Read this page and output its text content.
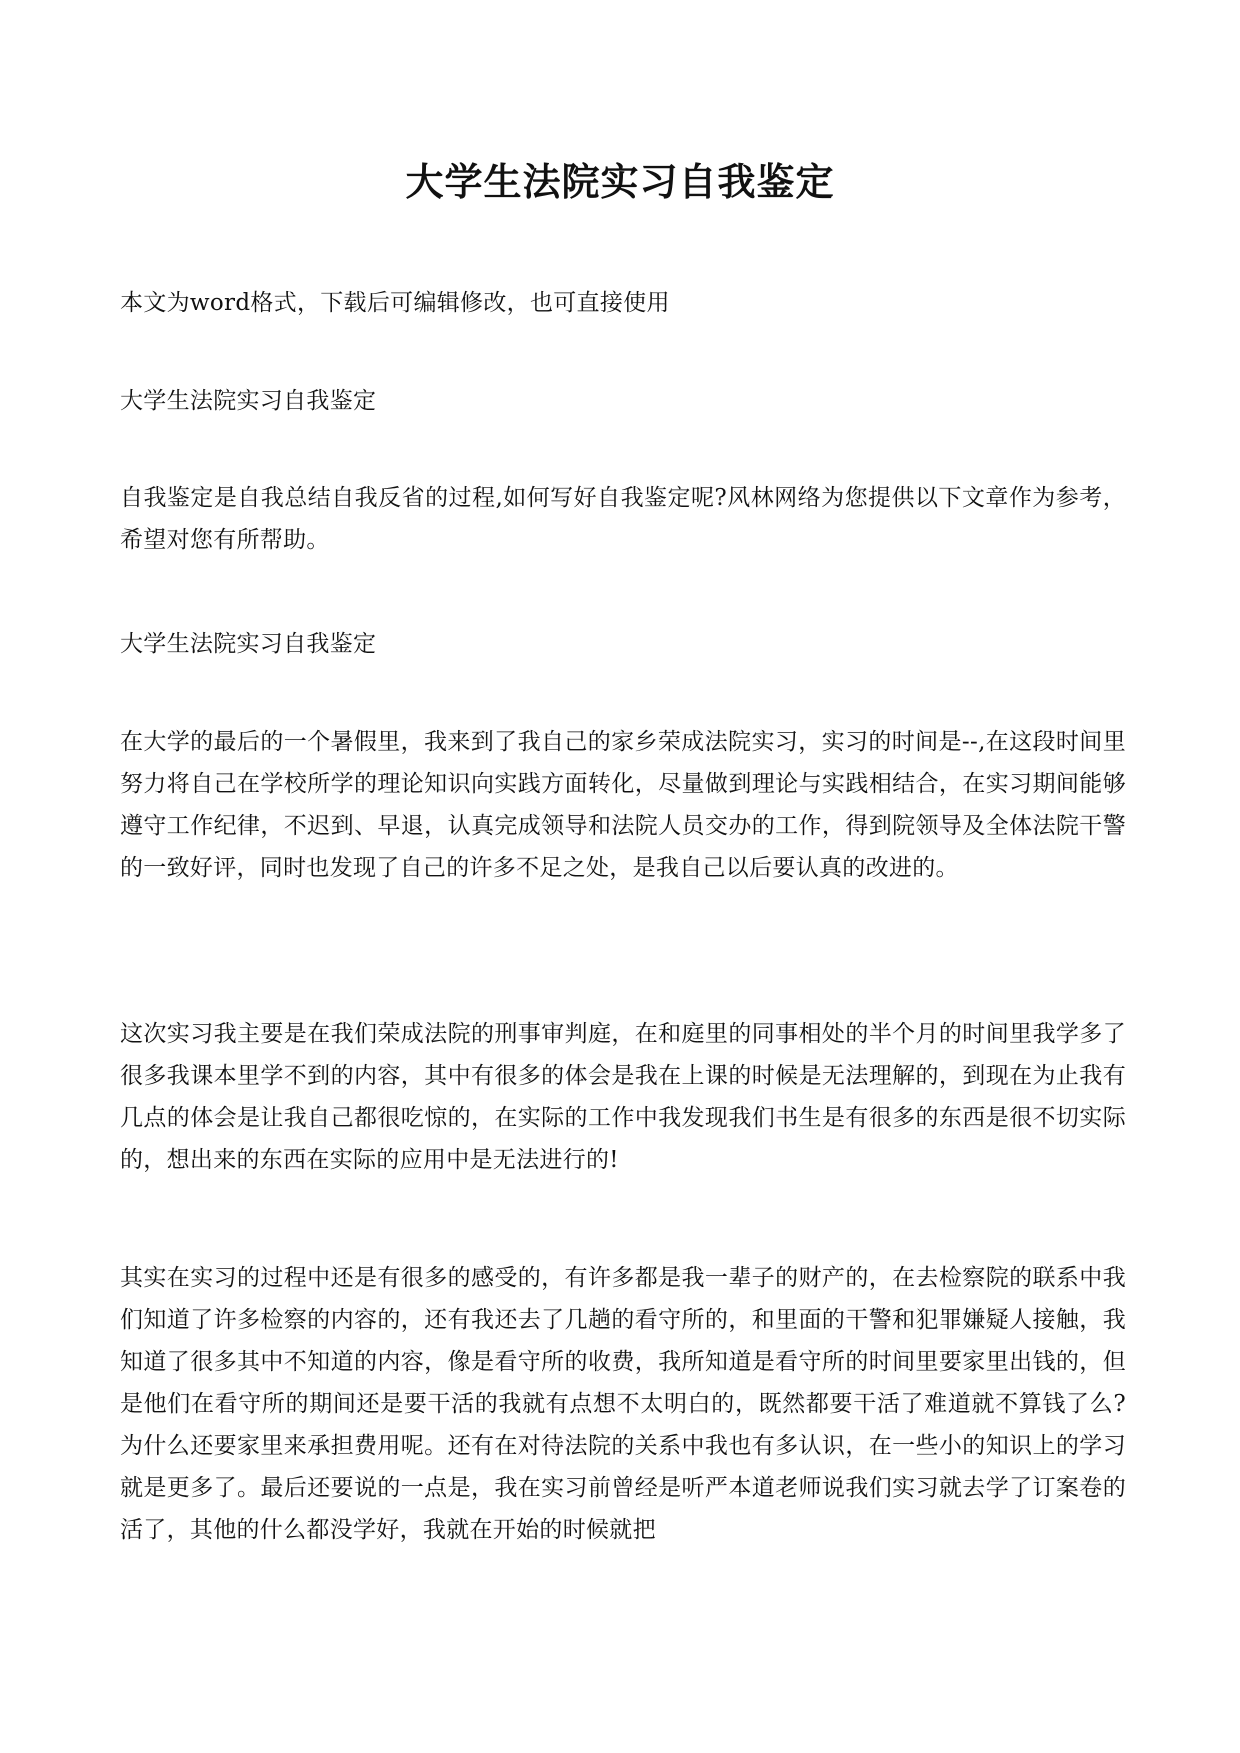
大学生法院实习自我鉴定

本文为word格式，下载后可编辑修改，也可直接使用

大学生法院实习自我鉴定

自我鉴定是自我总结自我反省的过程,如何写好自我鉴定呢?风林网络为您提供以下文章作为参考，希望对您有所帮助。

大学生法院实习自我鉴定

在大学的最后的一个暑假里，我来到了我自己的家乡荣成法院实习，实习的时间是--,在这段时间里努力将自己在学校所学的理论知识向实践方面转化，尽量做到理论与实践相结合，在实习期间能够遵守工作纪律，不迟到、早退，认真完成领导和法院人员交办的工作，得到院领导及全体法院干警的一致好评，同时也发现了自己的许多不足之处，是我自己以后要认真的改进的。

这次实习我主要是在我们荣成法院的刑事审判庭，在和庭里的同事相处的半个月的时间里我学多了很多我课本里学不到的内容，其中有很多的体会是我在上课的时候是无法理解的，到现在为止我有几点的体会是让我自己都很吃惊的，在实际的工作中我发现我们书生是有很多的东西是很不切实际的，想出来的东西在实际的应用中是无法进行的!

其实在实习的过程中还是有很多的感受的，有许多都是我一辈子的财产的，在去检察院的联系中我们知道了许多检察的内容的，还有我还去了几趟的看守所的，和里面的干警和犯罪嫌疑人接触，我知道了很多其中不知道的内容，像是看守所的收费，我所知道是看守所的时间里要家里出钱的，但是他们在看守所的期间还是要干活的我就有点想不太明白的，既然都要干活了难道就不算钱了么?为什么还要家里来承担费用呢。还有在对待法院的关系中我也有多认识，在一些小的知识上的学习就是更多了。最后还要说的一点是，我在实习前曾经是听严本道老师说我们实习就去学了订案卷的活了，其他的什么都没学好，我就在开始的时候就把
